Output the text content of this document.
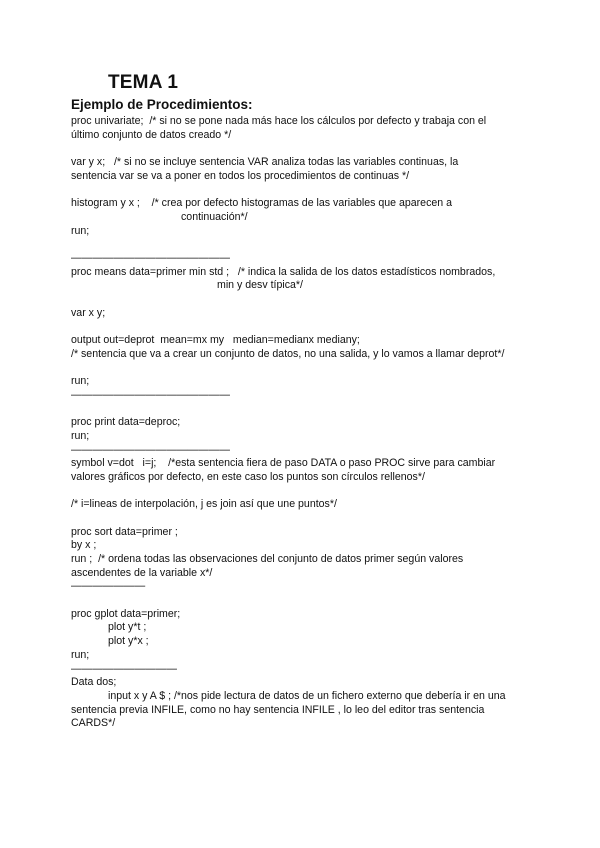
TEMA 1
Ejemplo de Procedimientos:
proc univariate;  /* si no se pone nada más hace los cálculos por defecto y trabaja con el
último conjunto de datos creado */
var y x;   /* si no se incluye sentencia VAR analiza todas las variables continuas, la
sentencia var se va a poner en todos los procedimientos de continuas */
histogram y x ;    /* crea por defecto histogramas de las variables que aparecen a
continuación*/
run;
———————————————
proc means data=primer min std ;   /* indica la salida de los datos estadísticos nombrados,
min y desv típica*/
var x y;
output out=deprot  mean=mx my   median=medianx mediany;
/* sentencia que va a crear un conjunto de datos, no una salida, y lo vamos a llamar deprot*/
run;
———————————————
proc print data=deproc;
run;
———————————————
symbol v=dot   i=j;    /*esta sentencia fiera de paso DATA o paso PROC sirve para cambiar
valores gráficos por defecto, en este caso los puntos son círculos rellenos*/
/* i=lineas de interpolación, j es join así que une puntos*/
proc sort data=primer ;
by x ;
run ;  /* ordena todas las observaciones del conjunto de datos primer según valores
ascendentes de la variable x*/
———————
proc gplot data=primer;
plot y*t ;
plot y*x ;
run;
——————————
Data dos;
input x y A $ ; /*nos pide lectura de datos de un fichero externo que debería ir en una
sentencia previa INFILE, como no hay sentencia INFILE , lo leo del editor tras sentencia
CARDS*/
